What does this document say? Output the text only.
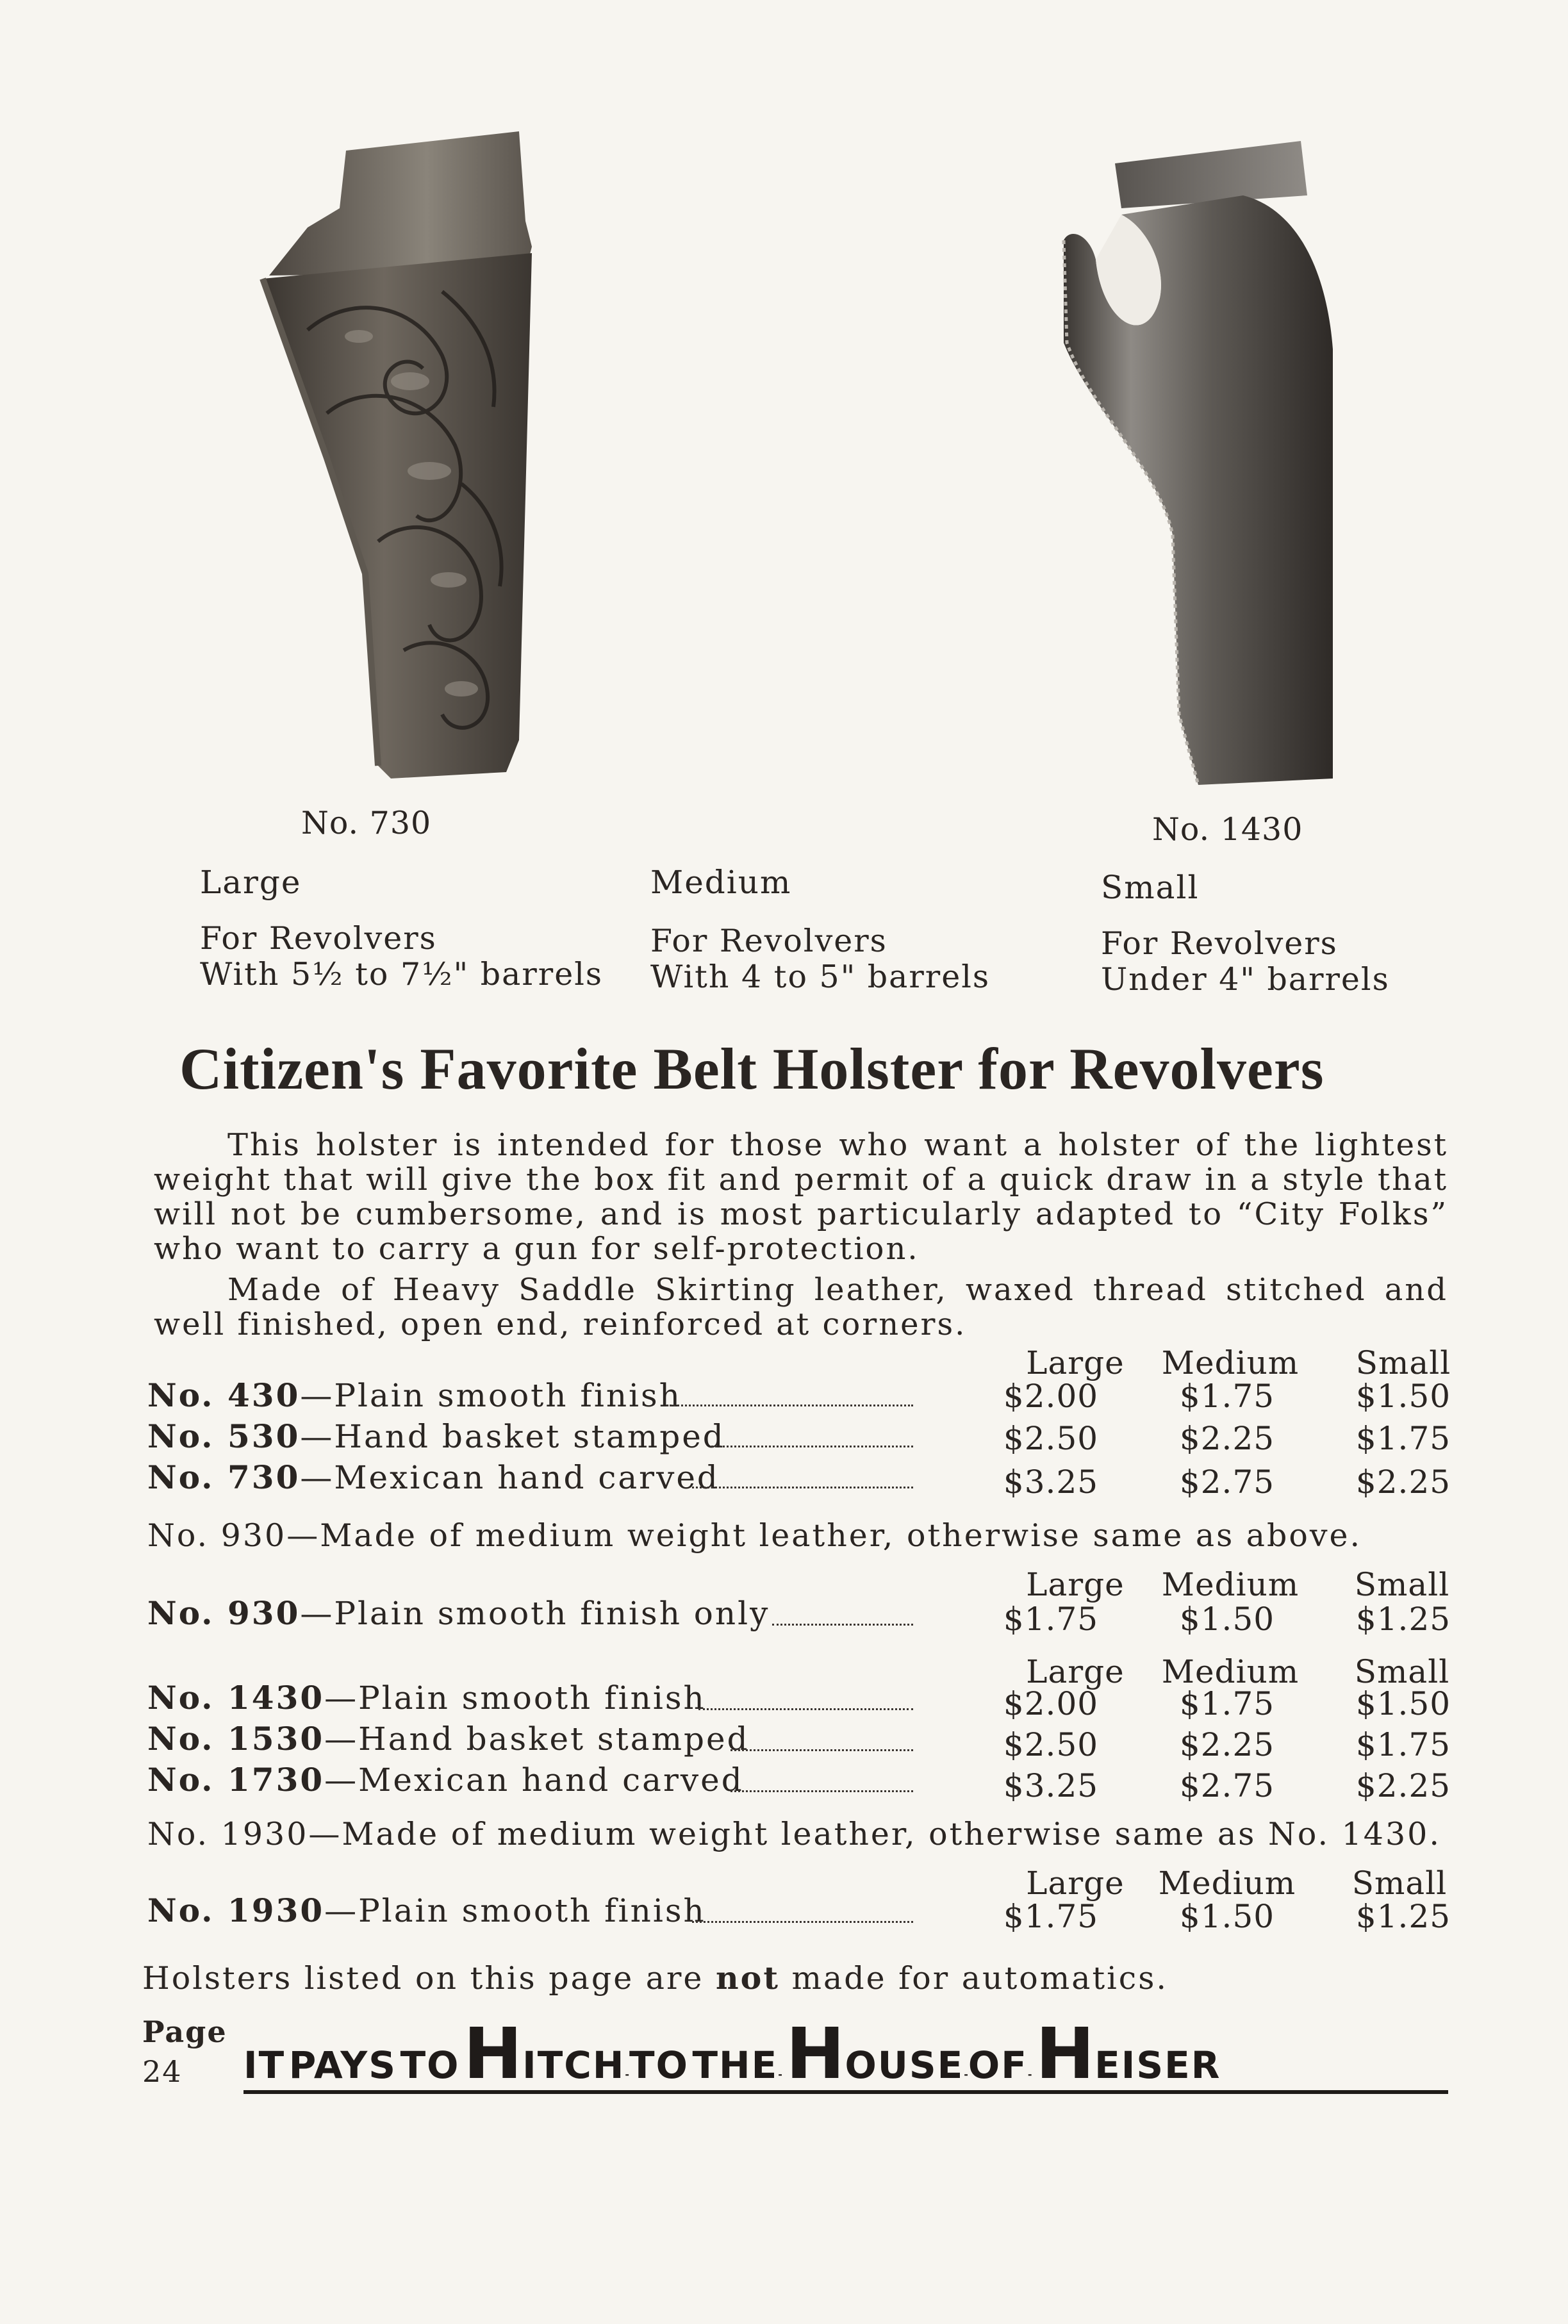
No. 730	No. 1430
Large
For Revolvers
With 5½ to 7½" barrels
Medium
For Revolvers
With 4 to 5" barrels
Small
For Revolvers
Under 4" barrels
Citizen's Favorite Belt Holster for Revolvers
This holster is intended for those who want a holster of the lightest weight that will give the box fit and permit of a quick draw in a style that will not be cumbersome, and is most particularly adapted to “City Folks” who want to carry a gun for self-protection.
Made of Heavy Saddle Skirting leather, waxed thread stitched and well finished, open end, reinforced at corners.
Large	Medium	Small
No. 430—Plain smooth finish	$2.00	$1.75	$1.50
No. 530—Hand basket stamped	$2.50	$2.25	$1.75
No. 730—Mexican hand carved	$3.25	$2.75	$2.25
No. 930—Made of medium weight leather, otherwise same as above.
Large	Medium	Small
No. 930—Plain smooth finish only	$1.75	$1.50	$1.25
Large	Medium	Small
No. 1430—Plain smooth finish	$2.00	$1.75	$1.50
No. 1530—Hand basket stamped	$2.50	$2.25	$1.75
No. 1730—Mexican hand carved	$3.25	$2.75	$2.25
No. 1930—Made of medium weight leather, otherwise same as No. 1430.
Large	Medium	Small
No. 1930—Plain smooth finish	$1.75	$1.50	$1.25
Holsters listed on this page are not made for automatics.
Page
24 IT PAYS TO HITCH-TO THE- HOUSE-OF- HEISER
